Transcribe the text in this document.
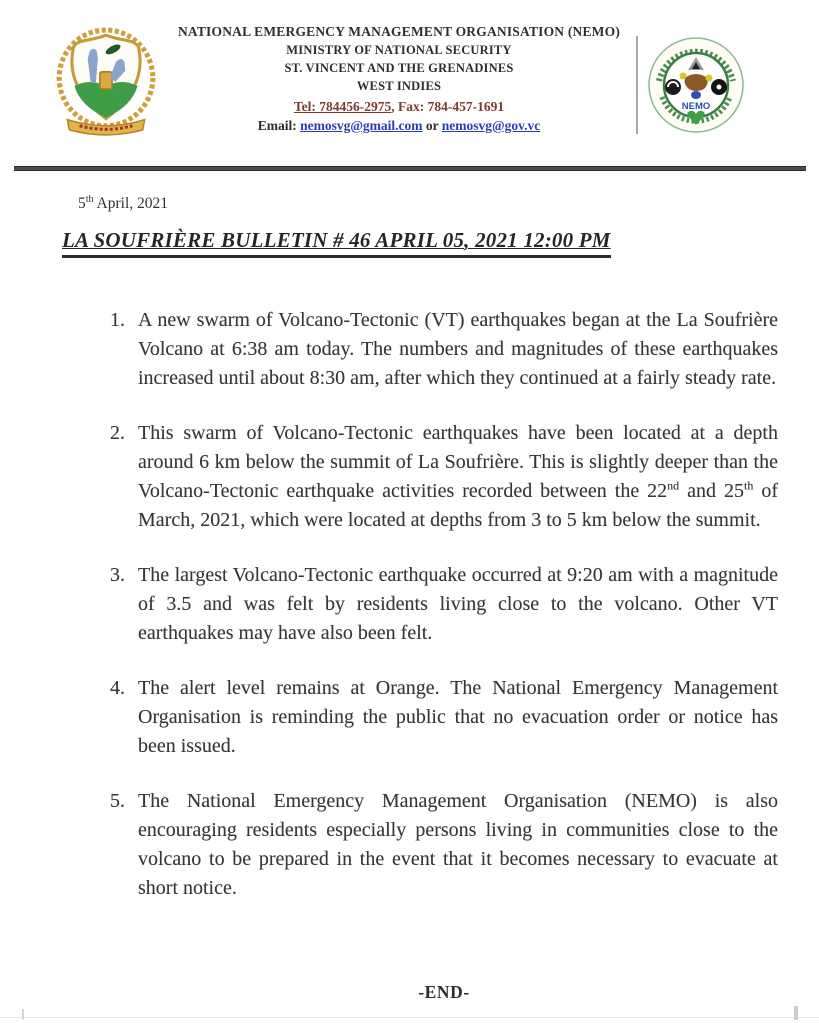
NATIONAL EMERGENCY MANAGEMENT ORGANISATION (NEMO)
MINISTRY OF NATIONAL SECURITY
ST. VINCENT AND THE GRENADINES
WEST INDIES
Tel: 784456-2975, Fax: 784-457-1691
Email: nemosvg@gmail.com or nemosvg@gov.vc
NEMO
5th April, 2021
LA SOUFRIÈRE BULLETIN # 46 APRIL 05, 2021 12:00 PM
1. A new swarm of Volcano-Tectonic (VT) earthquakes began at the La Soufrière Volcano at 6:38 am today. The numbers and magnitudes of these earthquakes increased until about 8:30 am, after which they continued at a fairly steady rate.
2. This swarm of Volcano-Tectonic earthquakes have been located at a depth around 6 km below the summit of La Soufrière. This is slightly deeper than the Volcano-Tectonic earthquake activities recorded between the 22nd and 25th of March, 2021, which were located at depths from 3 to 5 km below the summit.
3. The largest Volcano-Tectonic earthquake occurred at 9:20 am with a magnitude of 3.5 and was felt by residents living close to the volcano. Other VT earthquakes may have also been felt.
4. The alert level remains at Orange. The National Emergency Management Organisation is reminding the public that no evacuation order or notice has been issued.
5. The National Emergency Management Organisation (NEMO) is also encouraging residents especially persons living in communities close to the volcano to be prepared in the event that it becomes necessary to evacuate at short notice.
-END-
